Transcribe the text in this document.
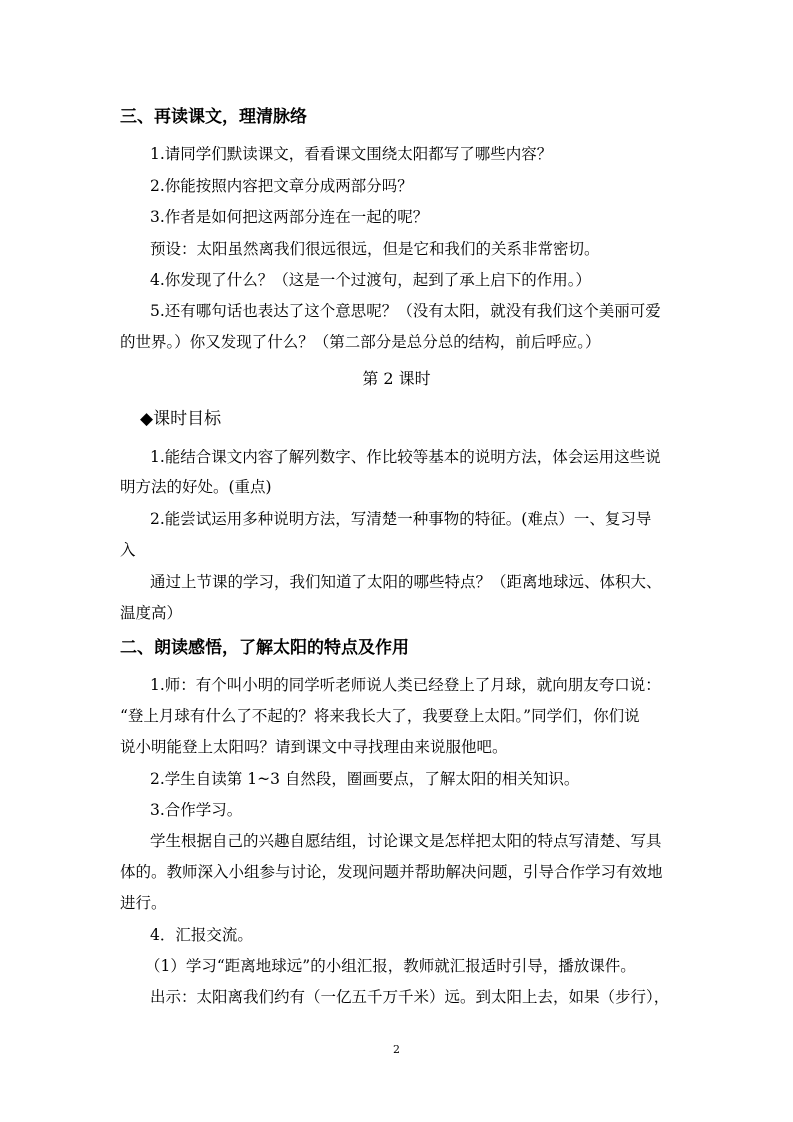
三、再读课文，理清脉络
1.请同学们默读课文，看看课文围绕太阳都写了哪些内容？
2.你能按照内容把文章分成两部分吗？
3.作者是如何把这两部分连在一起的呢？
预设：太阳虽然离我们很远很远，但是它和我们的关系非常密切。
4.你发现了什么？（这是一个过渡句，起到了承上启下的作用。）
5.还有哪句话也表达了这个意思呢？（没有太阳，就没有我们这个美丽可爱
的世界。）你又发现了什么？（第二部分是总分总的结构，前后呼应。）
第 2 课时
◆课时目标
1.能结合课文内容了解列数字、作比较等基本的说明方法，体会运用这些说
明方法的好处。(重点)
2.能尝试运用多种说明方法，写清楚一种事物的特征。(难点）一、复习导
入
通过上节课的学习，我们知道了太阳的哪些特点？（距离地球远、体积大、
温度高）
二、朗读感悟，了解太阳的特点及作用
1.师：有个叫小明的同学听老师说人类已经登上了月球，就向朋友夸口说：
“登上月球有什么了不起的？将来我长大了，我要登上太阳。”同学们，你们说
说小明能登上太阳吗？请到课文中寻找理由来说服他吧。
2.学生自读第 1~3 自然段，圈画要点，了解太阳的相关知识。
3.合作学习。
学生根据自己的兴趣自愿结组，讨论课文是怎样把太阳的特点写清楚、写具
体的。教师深入小组参与讨论，发现问题并帮助解决问题，引导合作学习有效地
进行。
4．汇报交流。
（1）学习“距离地球远”的小组汇报，教师就汇报适时引导，播放课件。
出示：太阳离我们约有（一亿五千万千米）远。到太阳上去，如果（步行），
2
